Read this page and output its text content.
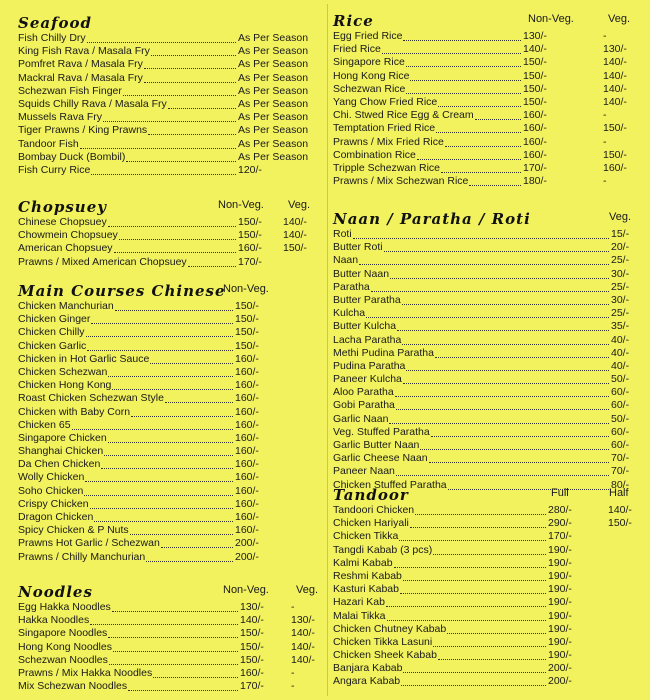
Seafood
Fish Chilly Dry	As Per Season
King Fish Rava / Masala Fry	As Per Season
Pomfret Rava / Masala Fry	As Per Season
Mackral Rava / Masala Fry	As Per Season
Schezwan Fish Finger	As Per Season
Squids Chilly Rava / Masala Fry	As Per Season
Mussels Rava Fry	As Per Season
Tiger Prawns / King Prawns	As Per Season
Tandoor Fish	As Per Season
Bombay Duck (Bombil)	As Per Season
Fish Curry Rice	120/-
Chopsuey	Non-Veg. Veg.
Chinese Chopsuey	150/- 140/-
Chowmein Chopsuey	150/- 140/-
American Chopsuey	160/- 150/-
Prawns / Mixed American Chopsuey	170/-
Main Courses Chinese
Non-Veg.
Chicken Manchurian	150/-
Chicken Ginger	150/-
Chicken Chilly	150/-
Chicken Garlic	150/-
Chicken in Hot Garlic Sauce	160/-
Chicken Schezwan	160/-
Chicken Hong Kong	160/-
Roast Chicken Schezwan Style	160/-
Chicken with Baby Corn	160/-
Chicken 65	160/-
Singapore Chicken	160/-
Shanghai Chicken	160/-
Da Chen Chicken	160/-
Wolly Chicken	160/-
Soho Chicken	160/-
Crispy Chicken	160/-
Dragon Chicken	160/-
Spicy Chicken & P Nuts	160/-
Prawns Hot Garlic / Schezwan	200/-
Prawns / Chilly Manchurian	200/-
Noodles	Non-Veg. Veg.
Egg Hakka Noodles	130/-	-
Hakka Noodles	140/-	130/-
Singapore Noodles	150/-	140/-
Hong Kong Noodles	150/-	140/-
Schezwan Noodles	150/-	140/-
Prawns / Mix Hakka Noodles	160/-	-
Mix Schezwan Noodles	170/-	-
Rice	Non-Veg.	Veg.
Egg Fried Rice	130/-	-
Fried Rice	140/-	130/-
Singapore Rice	150/-	140/-
Hong Kong Rice	150/-	140/-
Schezwan Rice	150/-	140/-
Yang Chow Fried Rice	150/-	140/-
Chi. Stwed Rice Egg & Cream	160/-	-
Temptation Fried Rice	160/-	150/-
Prawns / Mix Fried Rice	160/-	-
Combination Rice	160/-	150/-
Tripple Schezwan Rice	170/-	160/-
Prawns / Mix Schezwan Rice	180/-	-
Naan / Paratha / Roti	Veg.
Roti	15/-
Butter Roti	20/-
Naan	25/-
Butter Naan	30/-
Paratha	25/-
Butter Paratha	30/-
Kulcha	25/-
Butter Kulcha	35/-
Lacha Paratha	40/-
Methi Pudina Paratha	40/-
Pudina Paratha	40/-
Paneer Kulcha	50/-
Aloo Paratha	60/-
Gobi Paratha	60/-
Garlic Naan	50/-
Veg. Stuffed Paratha	60/-
Garlic Butter Naan	60/-
Garlic Cheese Naan	70/-
Paneer Naan	70/-
Chicken Stuffed Paratha	80/-
Tandoor	Full	Half
Tandoori Chicken	280/-	140/-
Chicken Hariyali	290/-	150/-
Chicken Tikka	170/-
Tangdi Kabab (3 pcs)	190/-
Kalmi Kabab	190/-
Reshmi Kabab	190/-
Kasturi Kabab	190/-
Hazari Kab	190/-
Malai Tikka	190/-
Chicken Chutney Kabab	190/-
Chicken Tikka Lasuni	190/-
Chicken Sheek Kabab	190/-
Banjara Kabab	200/-
Angara Kabab	200/-
